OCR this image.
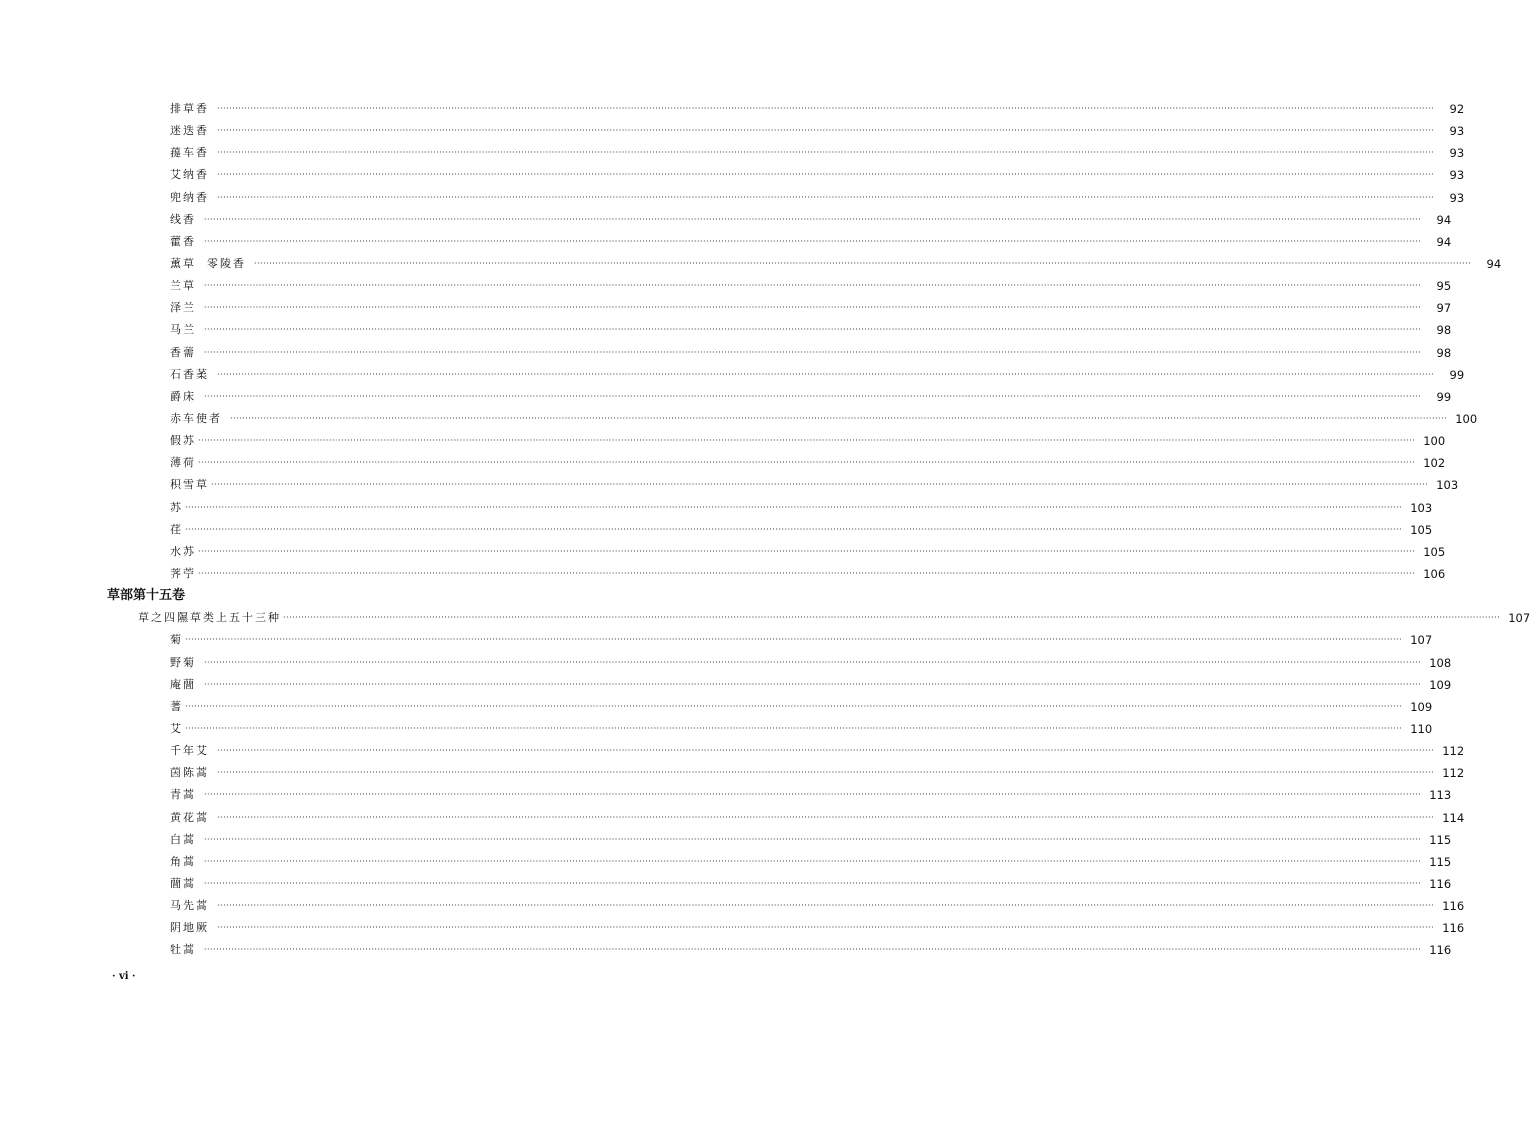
排草香 ················································································································································································································································································································································································································	92
迷迭香 ················································································································································································································································································································································································································	93
䔶车香 ················································································································································································································································································································································································································	93
艾纳香 ················································································································································································································································································································································································································	93
兜纳香 ················································································································································································································································································································································································································	93
线香 ················································································································································································································································································································································································································	94
藿香 ················································································································································································································································································································································································································	94
薰草  零陵香 ················································································································································································································································································································································································································	94
兰草 ················································································································································································································································································································································································································	95
泽兰 ················································································································································································································································································································································································································	97
马兰 ················································································································································································································································································································································································································	98
香薷 ················································································································································································································································································································································································································	98
石香葇 ················································································································································································································································································································································································································	99
爵床 ················································································································································································································································································································································································································	99
赤车使者 ················································································································································································································································································································································································································ 100
假苏 ················································································································································································································································································································································································································ 100
薄荷 ················································································································································································································································································································································································································ 102
积雪草 ················································································································································································································································································································································································································ 103
苏 ················································································································································································································································································································································································································ 103
荏 ················································································································································································································································································································································································································ 105
水苏 ················································································································································································································································································································································································································ 105
荠苧 ················································································································································································································································································································································································································ 106
草部第十五卷
草之四隰草类上五十三种 ················································································································································································································································································································································································································ 107
菊 ················································································································································································································································································································································································································ 107
野菊 ················································································································································································································································································································································································································ 108
庵䕡 ················································································································································································································································································································································································································ 109
蓍 ················································································································································································································································································································································································································ 109
艾 ················································································································································································································································································································································································································ 110
千年艾 ················································································································································································································································································································································································································ 112
茵陈蒿 ················································································································································································································································································································································································································ 112
青蒿 ················································································································································································································································································································································································································ 113
黄花蒿 ················································································································································································································································································································································································································ 114
白蒿 ················································································································································································································································································································································································································ 115
角蒿 ················································································································································································································································································································································································································ 115
䕡蒿 ················································································································································································································································································································································································································ 116
马先蒿 ················································································································································································································································································································································································································ 116
阴地厥 ················································································································································································································································································································································································································ 116
牡蒿 ················································································································································································································································································································································································································ 116
· vi ·
